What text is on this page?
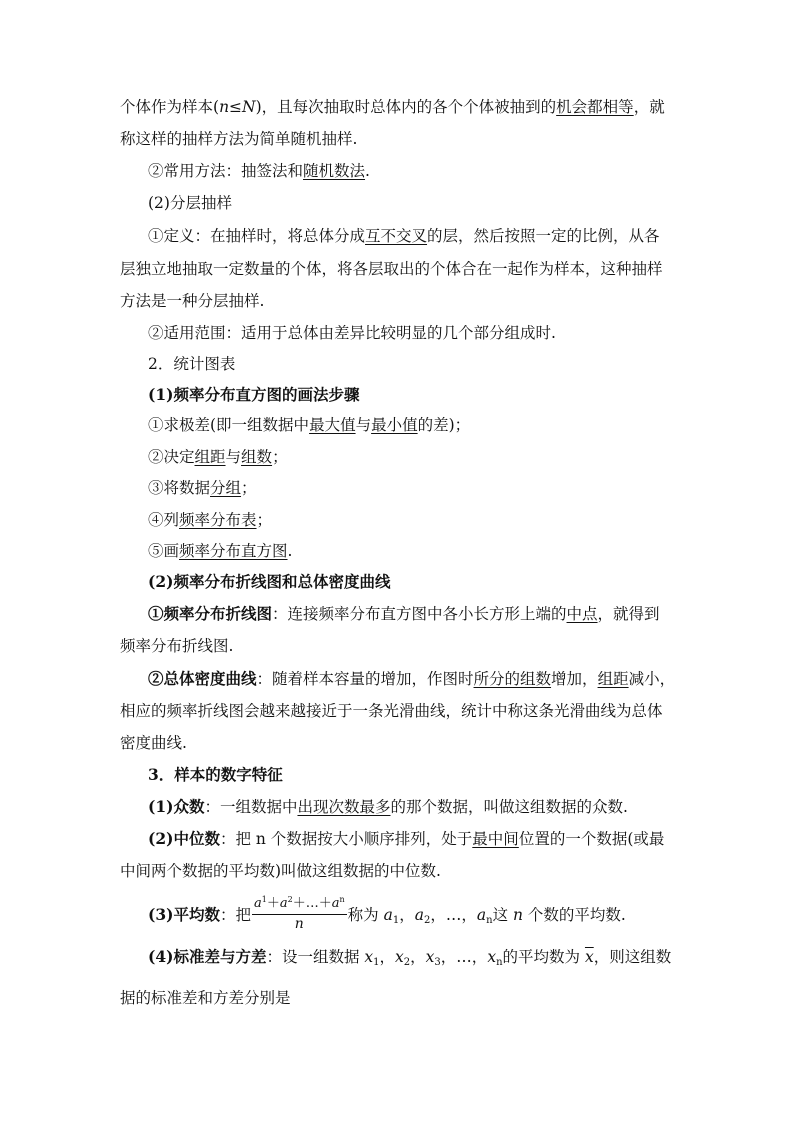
个体作为样本(n≤N)，且每次抽取时总体内的各个个体被抽到的机会都相等，就
称这样的抽样方法为简单随机抽样.
②常用方法：抽签法和随机数法.
(2)分层抽样
①定义：在抽样时，将总体分成互不交叉的层，然后按照一定的比例，从各
层独立地抽取一定数量的个体，将各层取出的个体合在一起作为样本，这种抽样
方法是一种分层抽样.
②适用范围：适用于总体由差异比较明显的几个部分组成时.
2．统计图表
(1)频率分布直方图的画法步骤
①求极差(即一组数据中最大值与最小值的差)；
②决定组距与组数；
③将数据分组；
④列频率分布表；
⑤画频率分布直方图.
(2)频率分布折线图和总体密度曲线
①频率分布折线图：连接频率分布直方图中各小长方形上端的中点，就得到
频率分布折线图.
②总体密度曲线：随着样本容量的增加，作图时所分的组数增加，组距减小，
相应的频率折线图会越来越接近于一条光滑曲线，统计中称这条光滑曲线为总体
密度曲线.
3．样本的数字特征
(1)众数：一组数据中出现次数最多的那个数据，叫做这组数据的众数.
(2)中位数：把 n 个数据按大小顺序排列，处于最中间位置的一个数据(或最
中间两个数据的平均数)叫做这组数据的中位数.
(3)平均数：把 $\frac{a^1+a^2+\dots+a^n}{n}$ 称为 $a_1$，$a_2$，…，$a_n$这 n 个数的平均数.
(4)标准差与方差：设一组数据 $x_1$，$x_2$，$x_3$，…，$x_n$的平均数为 $\overline{x}$，则这组数
据的标准差和方差分别是
